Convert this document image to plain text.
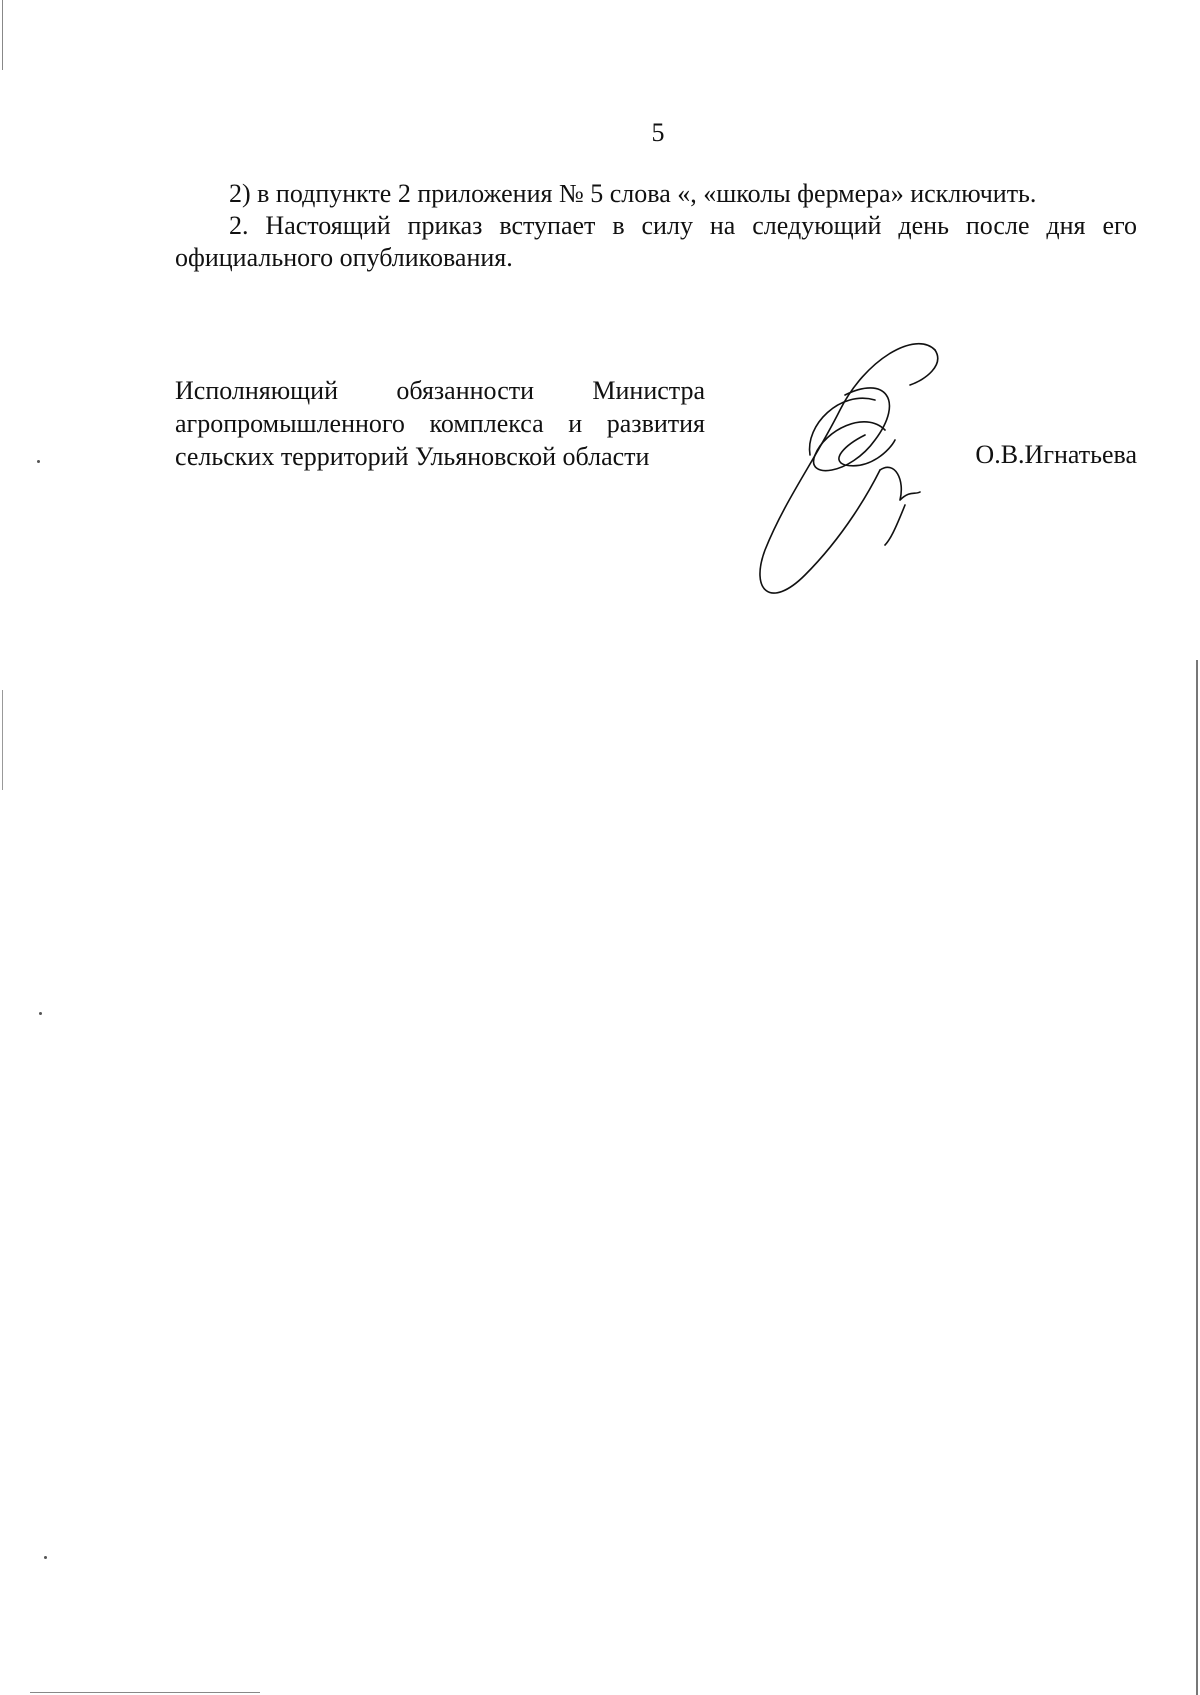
5

2) в подпункте 2 приложения № 5 слова «, «школы фермера» исключить.

2. Настоящий приказ вступает в силу на следующий день после дня его официального опубликования.

Исполняющий обязанности Министра
агропромышленного комплекса и развития
сельских территорий Ульяновской области	О.В.Игнатьева
